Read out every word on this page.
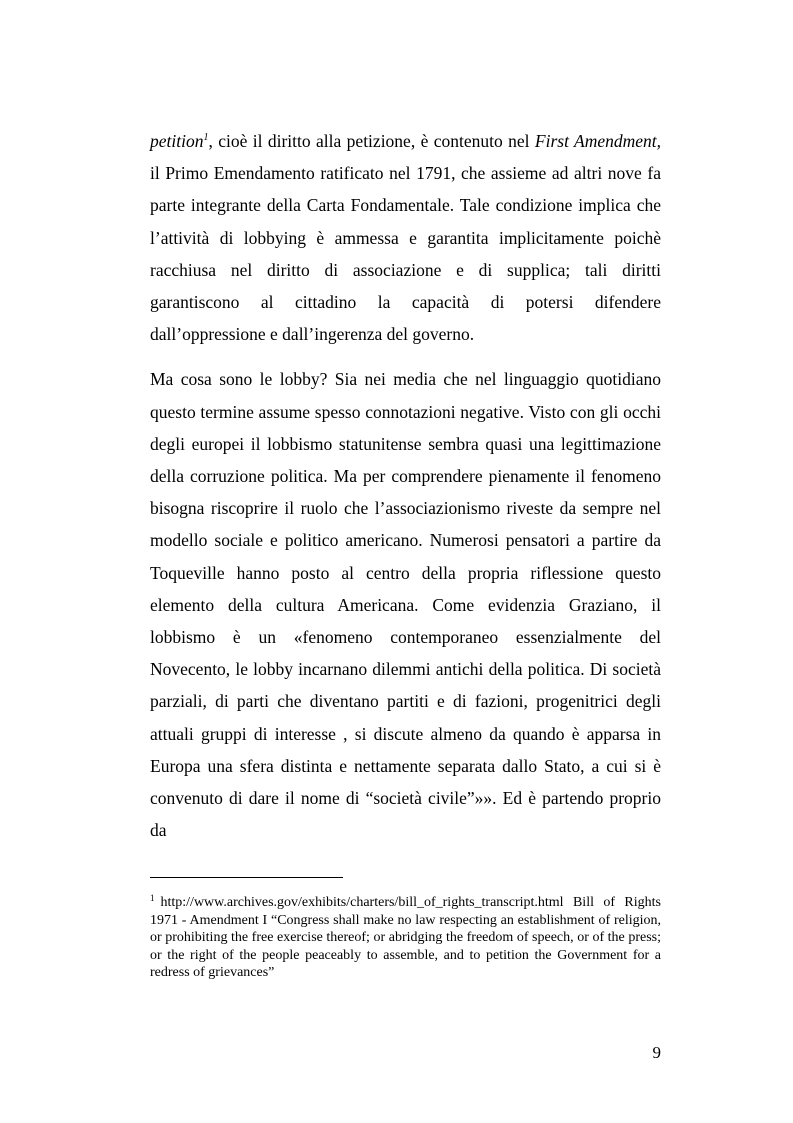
petition$^1$, cioè il diritto alla petizione, è contenuto nel First Amendment, il Primo Emendamento ratificato nel 1791, che assieme ad altri nove fa parte integrante della Carta Fondamentale. Tale condizione implica che l’attività di lobbying è ammessa e garantita implicitamente poichè racchiusa nel diritto di associazione e di supplica; tali diritti garantiscono al cittadino la capacità di potersi difendere dall’oppressione e dall’ingerenza del governo.

Ma cosa sono le lobby? Sia nei media che nel linguaggio quotidiano questo termine assume spesso connotazioni negative. Visto con gli occhi degli europei il lobbismo statunitense sembra quasi una legittimazione della corruzione politica. Ma per comprendere pienamente il fenomeno bisogna riscoprire il ruolo che l’associazionismo riveste da sempre nel modello sociale e politico americano. Numerosi pensatori a partire da Toqueville hanno posto al centro della propria riflessione questo elemento della cultura Americana. Come evidenzia Graziano, il lobbismo è un «fenomeno contemporaneo essenzialmente del Novecento, le lobby incarnano dilemmi antichi della politica. Di società parziali, di parti che diventano partiti e di fazioni, progenitrici degli attuali gruppi di interesse , si discute almeno da quando è apparsa in Europa una sfera distinta e nettamente separata dallo Stato, a cui si è convenuto di dare il nome di “società civile”»». Ed è partendo proprio da

$^1$ http://www.archives.gov/exhibits/charters/bill_of_rights_transcript.html Bill of Rights 1971 - Amendment I “Congress shall make no law respecting an establishment of religion, or prohibiting the free exercise thereof; or abridging the freedom of speech, or of the press; or the right of the people peaceably to assemble, and to petition the Government for a redress of grievances”

9
